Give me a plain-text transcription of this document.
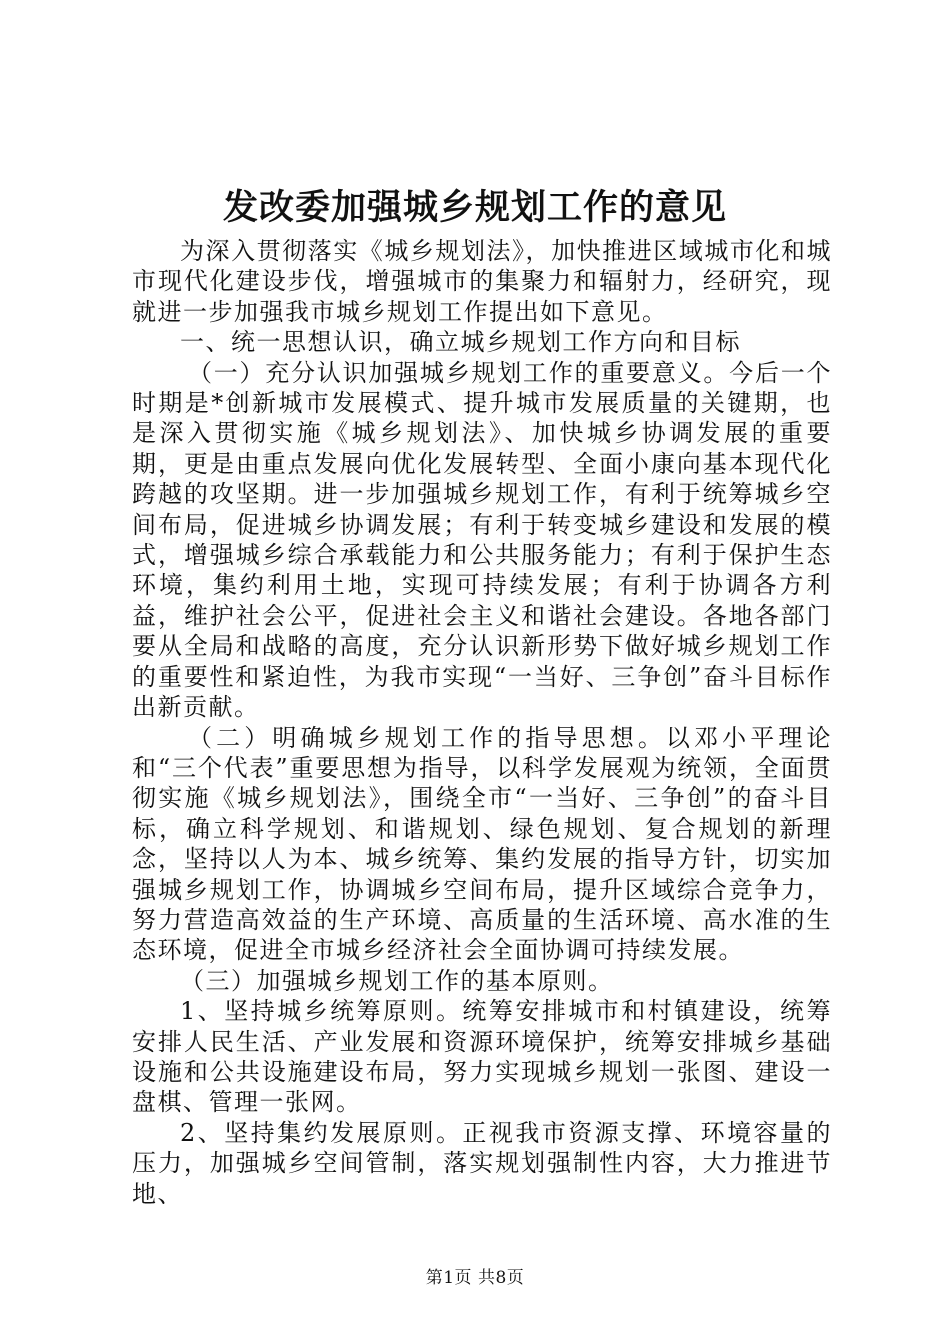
发改委加强城乡规划工作的意见

为深入贯彻落实《城乡规划法》，加快推进区域城市化和城市现代化建设步伐，增强城市的集聚力和辐射力，经研究，现就进一步加强我市城乡规划工作提出如下意见。

一、统一思想认识，确立城乡规划工作方向和目标

（一）充分认识加强城乡规划工作的重要意义。今后一个时期是*创新城市发展模式、提升城市发展质量的关键期，也是深入贯彻实施《城乡规划法》、加快城乡协调发展的重要期，更是由重点发展向优化发展转型、全面小康向基本现代化跨越的攻坚期。进一步加强城乡规划工作，有利于统筹城乡空间布局，促进城乡协调发展；有利于转变城乡建设和发展的模式，增强城乡综合承载能力和公共服务能力；有利于保护生态环境，集约利用土地，实现可持续发展；有利于协调各方利益，维护社会公平，促进社会主义和谐社会建设。各地各部门要从全局和战略的高度，充分认识新形势下做好城乡规划工作的重要性和紧迫性，为我市实现“一当好、三争创”奋斗目标作出新贡献。

（二）明确城乡规划工作的指导思想。以邓小平理论和“三个代表”重要思想为指导，以科学发展观为统领，全面贯彻实施《城乡规划法》，围绕全市“一当好、三争创”的奋斗目标，确立科学规划、和谐规划、绿色规划、复合规划的新理念，坚持以人为本、城乡统筹、集约发展的指导方针，切实加强城乡规划工作，协调城乡空间布局，提升区域综合竞争力，努力营造高效益的生产环境、高质量的生活环境、高水准的生态环境，促进全市城乡经济社会全面协调可持续发展。

（三）加强城乡规划工作的基本原则。

1、坚持城乡统筹原则。统筹安排城市和村镇建设，统筹安排人民生活、产业发展和资源环境保护，统筹安排城乡基础设施和公共设施建设布局，努力实现城乡规划一张图、建设一盘棋、管理一张网。

2、坚持集约发展原则。正视我市资源支撑、环境容量的压力，加强城乡空间管制，落实规划强制性内容，大力推进节地、

第1页 共8页
